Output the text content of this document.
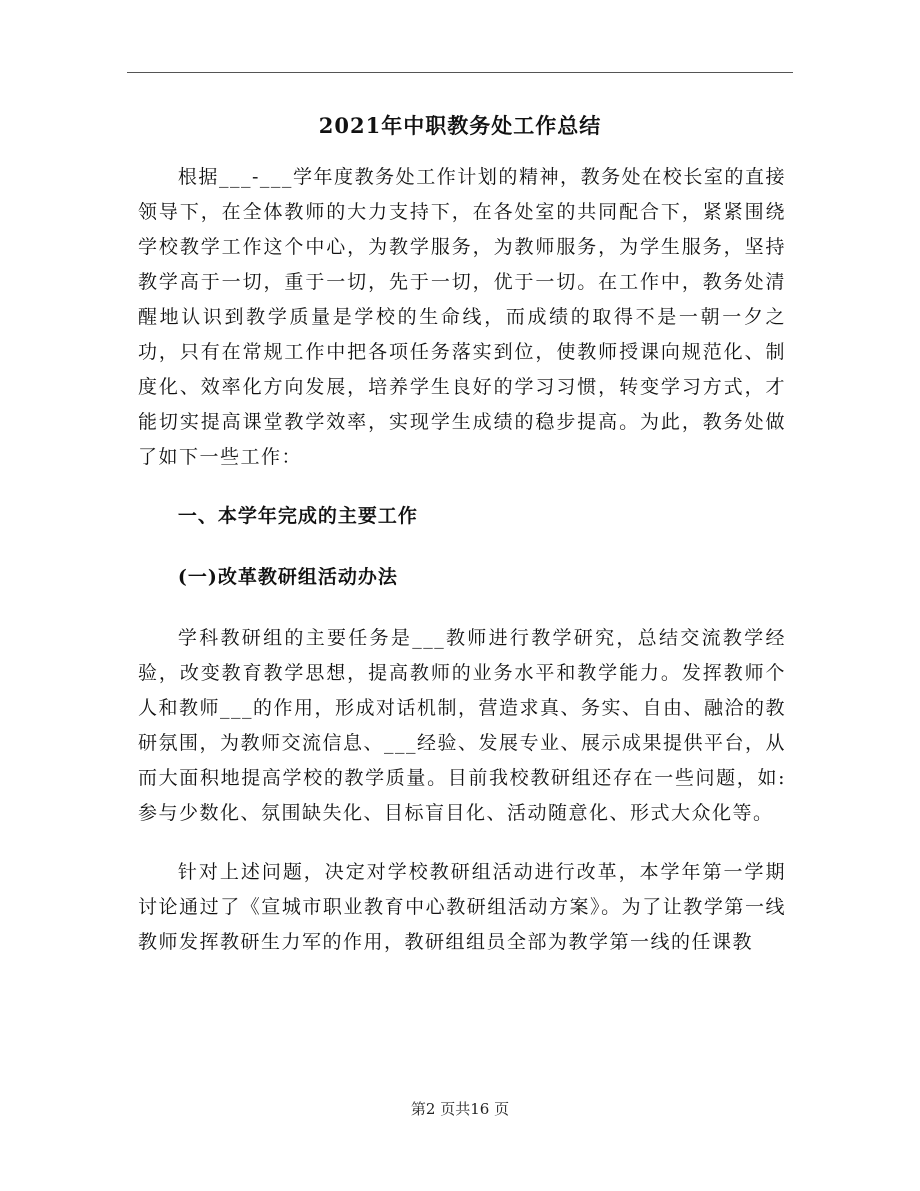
2021年中职教务处工作总结

根据___-___学年度教务处工作计划的精神，教务处在校长室的直接领导下，在全体教师的大力支持下，在各处室的共同配合下，紧紧围绕学校教学工作这个中心，为教学服务，为教师服务，为学生服务，坚持教学高于一切，重于一切，先于一切，优于一切。在工作中，教务处清醒地认识到教学质量是学校的生命线，而成绩的取得不是一朝一夕之功，只有在常规工作中把各项任务落实到位，使教师授课向规范化、制度化、效率化方向发展，培养学生良好的学习习惯，转变学习方式，才能切实提高课堂教学效率，实现学生成绩的稳步提高。为此，教务处做了如下一些工作：

一、本学年完成的主要工作

(一)改革教研组活动办法

学科教研组的主要任务是___教师进行教学研究，总结交流教学经验，改变教育教学思想，提高教师的业务水平和教学能力。发挥教师个人和教师___的作用，形成对话机制，营造求真、务实、自由、融洽的教研氛围，为教师交流信息、___经验、发展专业、展示成果提供平台，从而大面积地提高学校的教学质量。目前我校教研组还存在一些问题，如:参与少数化、氛围缺失化、目标盲目化、活动随意化、形式大众化等。

针对上述问题，决定对学校教研组活动进行改革，本学年第一学期讨论通过了《宣城市职业教育中心教研组活动方案》。为了让教学第一线教师发挥教研生力军的作用，教研组组员全部为教学第一线的任课教

第2 页共16 页
